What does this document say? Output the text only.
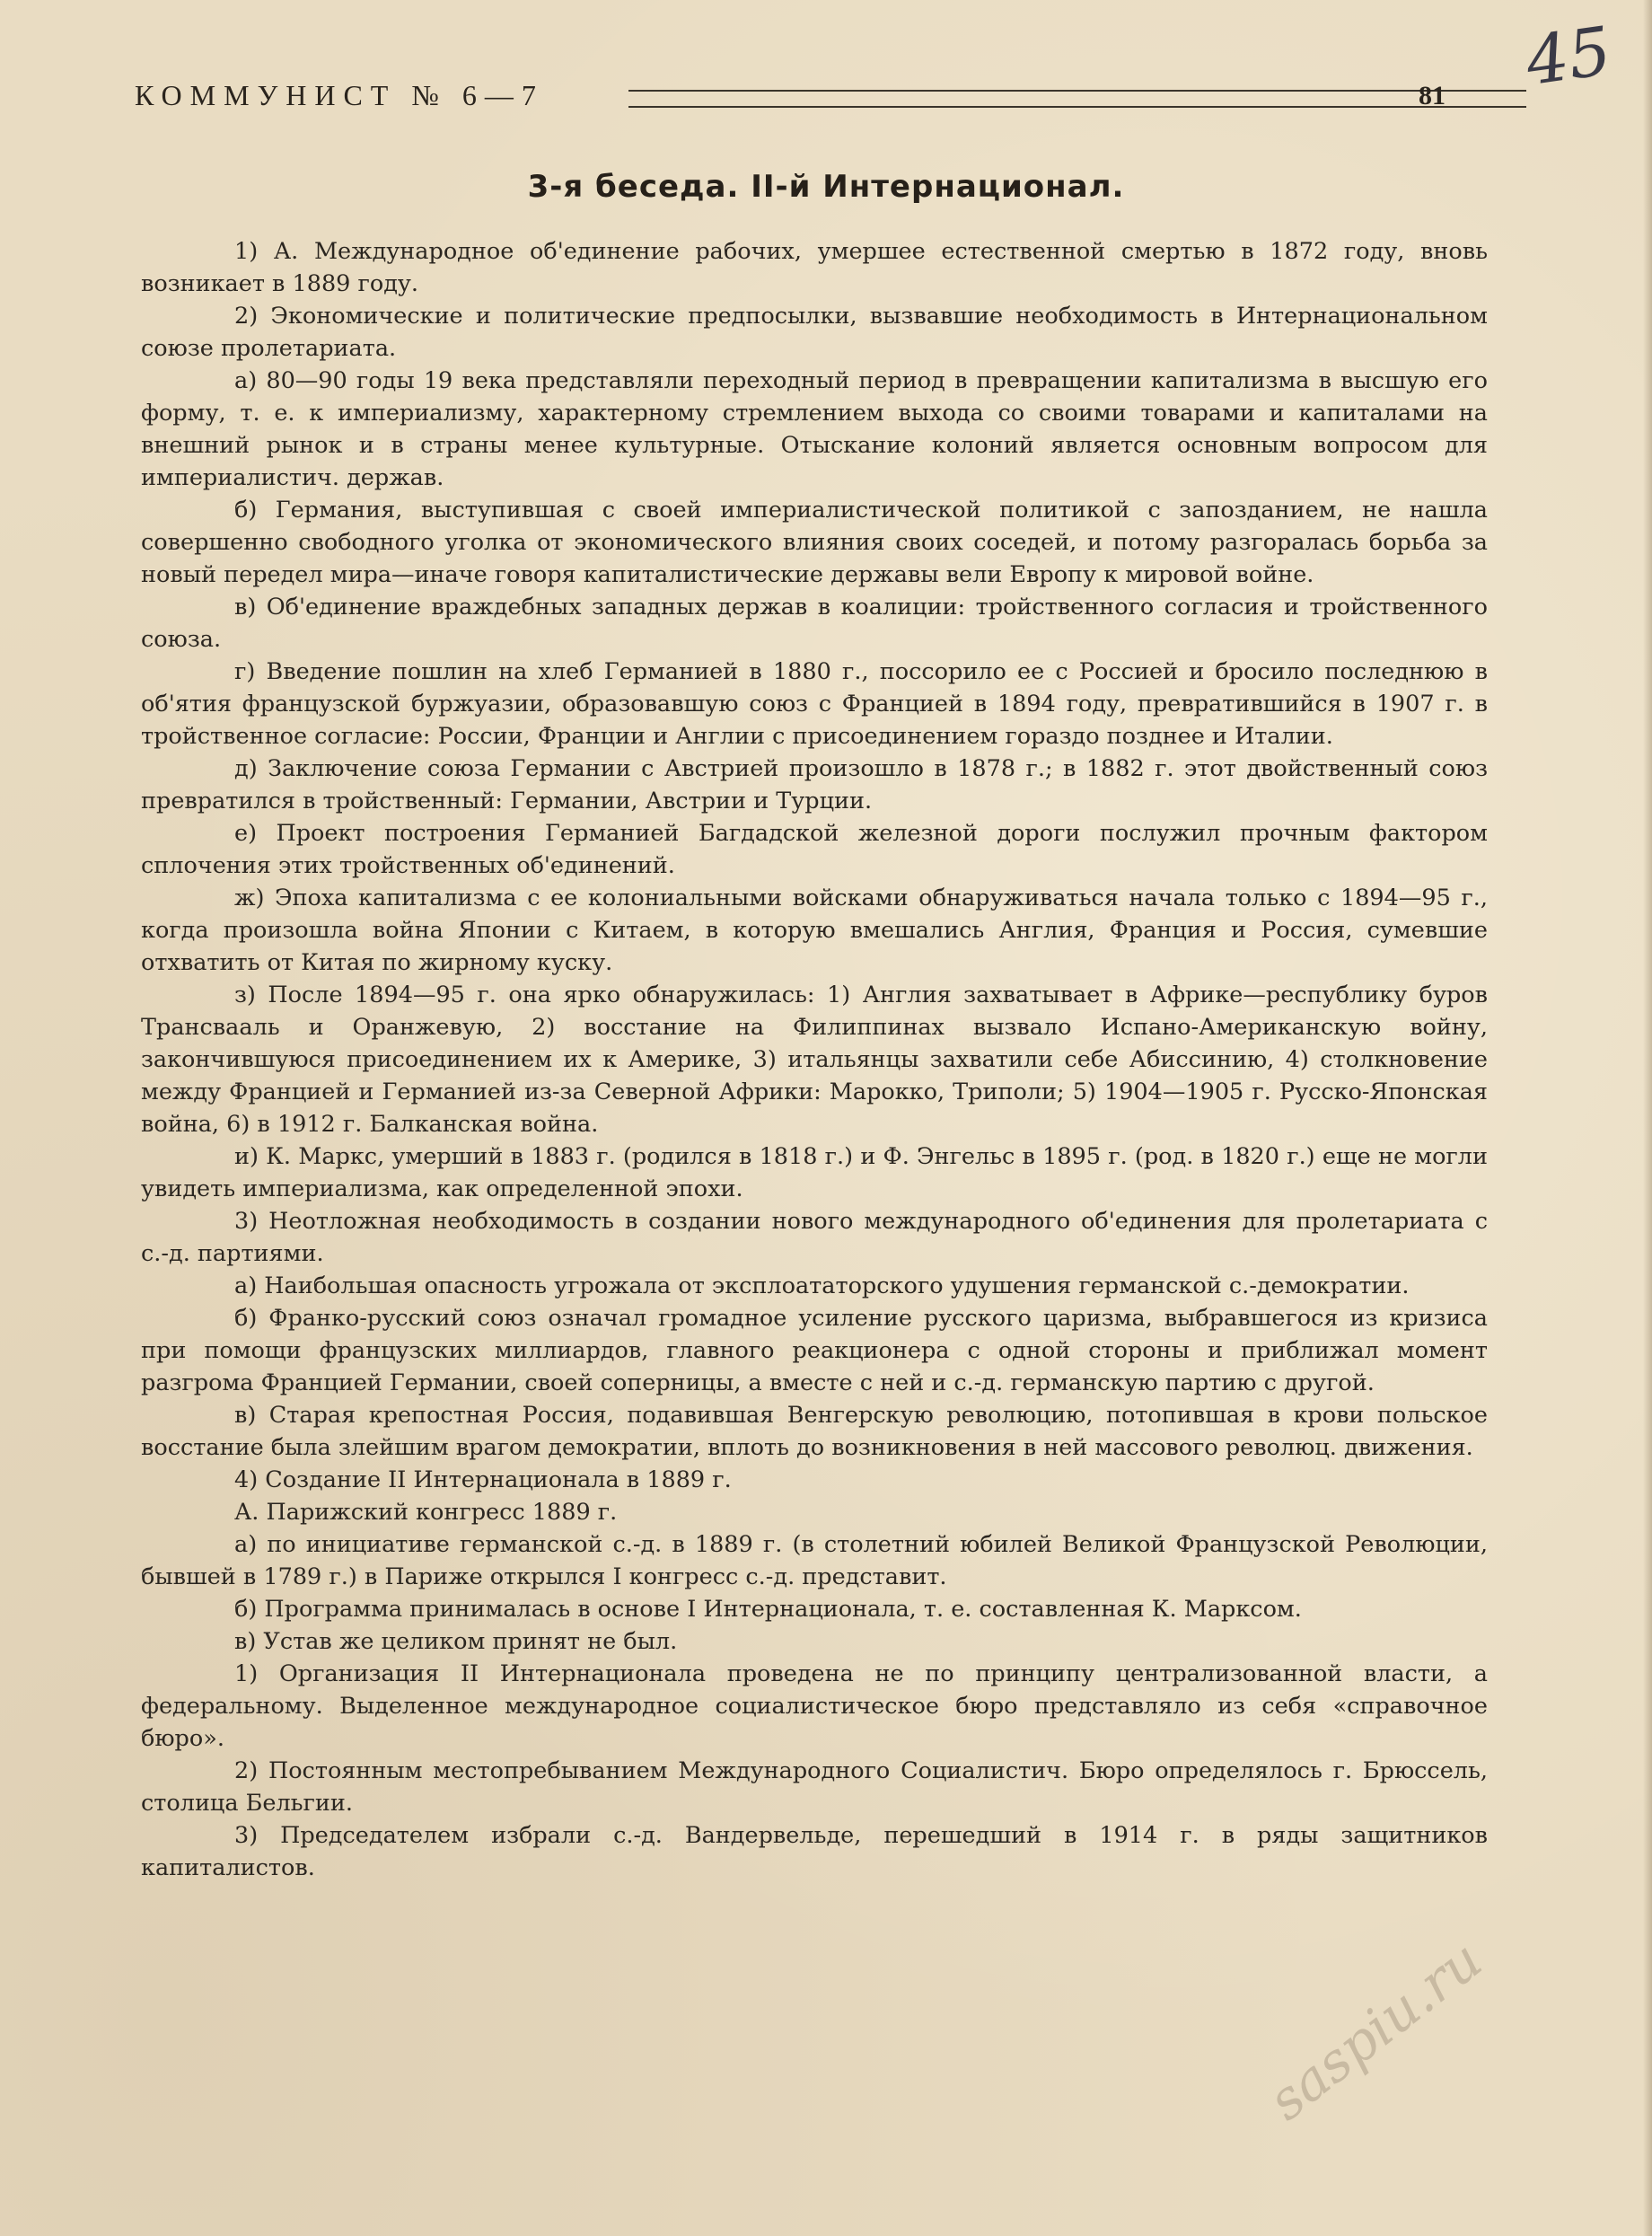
КОММУНИСТ № 6—7	81 45
3-я беседа. II-й Интернационал.

1) А. Международное об'единение рабочих, умершее естественной смертью в 1872 году, вновь возникает в 1889 году.

2) Экономические и политические предпосылки, вызвавшие необходимость в Интернациональном союзе пролетариата.

а) 80—90 годы 19 века представляли переходный период в превращении капитализма в высшую его форму, т. е. к империализму, характерному стремлением выхода со своими товарами и капиталами на внешний рынок и в страны менее культурные. Отыскание колоний является основным вопросом для империалистич. держав.

б) Германия, выступившая с своей империалистической политикой с запозданием, не нашла совершенно свободного уголка от экономического влияния своих соседей, и потому разгоралась борьба за новый передел мира—иначе говоря капиталистические державы вели Европу к мировой войне.

в) Об'единение враждебных западных держав в коалиции: тройственного согласия и тройственного союза.

г) Введение пошлин на хлеб Германией в 1880 г., поссорило ее с Россией и бросило последнюю в об'ятия французской буржуазии, образовавшую союз с Францией в 1894 году, превратившийся в 1907 г. в тройственное согласие: России, Франции и Англии с присоединением гораздо позднее и Италии.

д) Заключение союза Германии с Австрией произошло в 1878 г.; в 1882 г. этот двойственный союз превратился в тройственный: Германии, Австрии и Турции.

е) Проект построения Германией Багдадской железной дороги послужил прочным фактором сплочения этих тройственных об'единений.

ж) Эпоха капитализма с ее колониальными войсками обнаруживаться начала только с 1894—95 г., когда произошла война Японии с Китаем, в которую вмешались Англия, Франция и Россия, сумевшие отхватить от Китая по жирному куску.

з) После 1894—95 г. она ярко обнаружилась: 1) Англия захватывает в Африке—республику буров Трансвааль и Оранжевую, 2) восстание на Филиппинах вызвало Испано-Американскую войну, закончившуюся присоединением их к Америке, 3) итальянцы захватили себе Абиссинию, 4) столкновение между Францией и Германией из-за Северной Африки: Марокко, Триполи; 5) 1904—1905 г. Русско-Японская война, 6) в 1912 г. Балканская война.

и) К. Маркс, умерший в 1883 г. (родился в 1818 г.) и Ф. Энгельс в 1895 г. (род. в 1820 г.) еще не могли увидеть империализма, как определенной эпохи.

3) Неотложная необходимость в создании нового международного об'единения для пролетариата с с.-д. партиями.

а) Наибольшая опасность угрожала от эксплоататорского удушения германской с.-демократии.

б) Франко-русский союз означал громадное усиление русского царизма, выбравшегося из кризиса при помощи французских миллиардов, главного реакционера с одной стороны и приближал момент разгрома Францией Германии, своей соперницы, а вместе с ней и с.-д. германскую партию с другой.

в) Старая крепостная Россия, подавившая Венгерскую революцию, потопившая в крови польское восстание была злейшим врагом демократии, вплоть до возникновения в ней массового революц. движения.

4) Создание II Интернационала в 1889 г.

А. Парижский конгресс 1889 г.

а) по инициативе германской с.-д. в 1889 г. (в столетний юбилей Великой Французской Революции, бывшей в 1789 г.) в Париже открылся I конгресс с.-д. представит.

б) Программа принималась в основе I Интернационала, т. е. составленная К. Марксом.

в) Устав же целиком принят не был.

1) Организация II Интернационала проведена не по принципу централизованной власти, а федеральному. Выделенное международное социалистическое бюро представляло из себя «справочное бюро».

2) Постоянным местопребыванием Международного Социалистич. Бюро определялось г. Брюссель, столица Бельгии.

3) Председателем избрали с.-д. Вандервельде, перешедший в 1914 г. в ряды защитников капиталистов.

saspiu.ru
